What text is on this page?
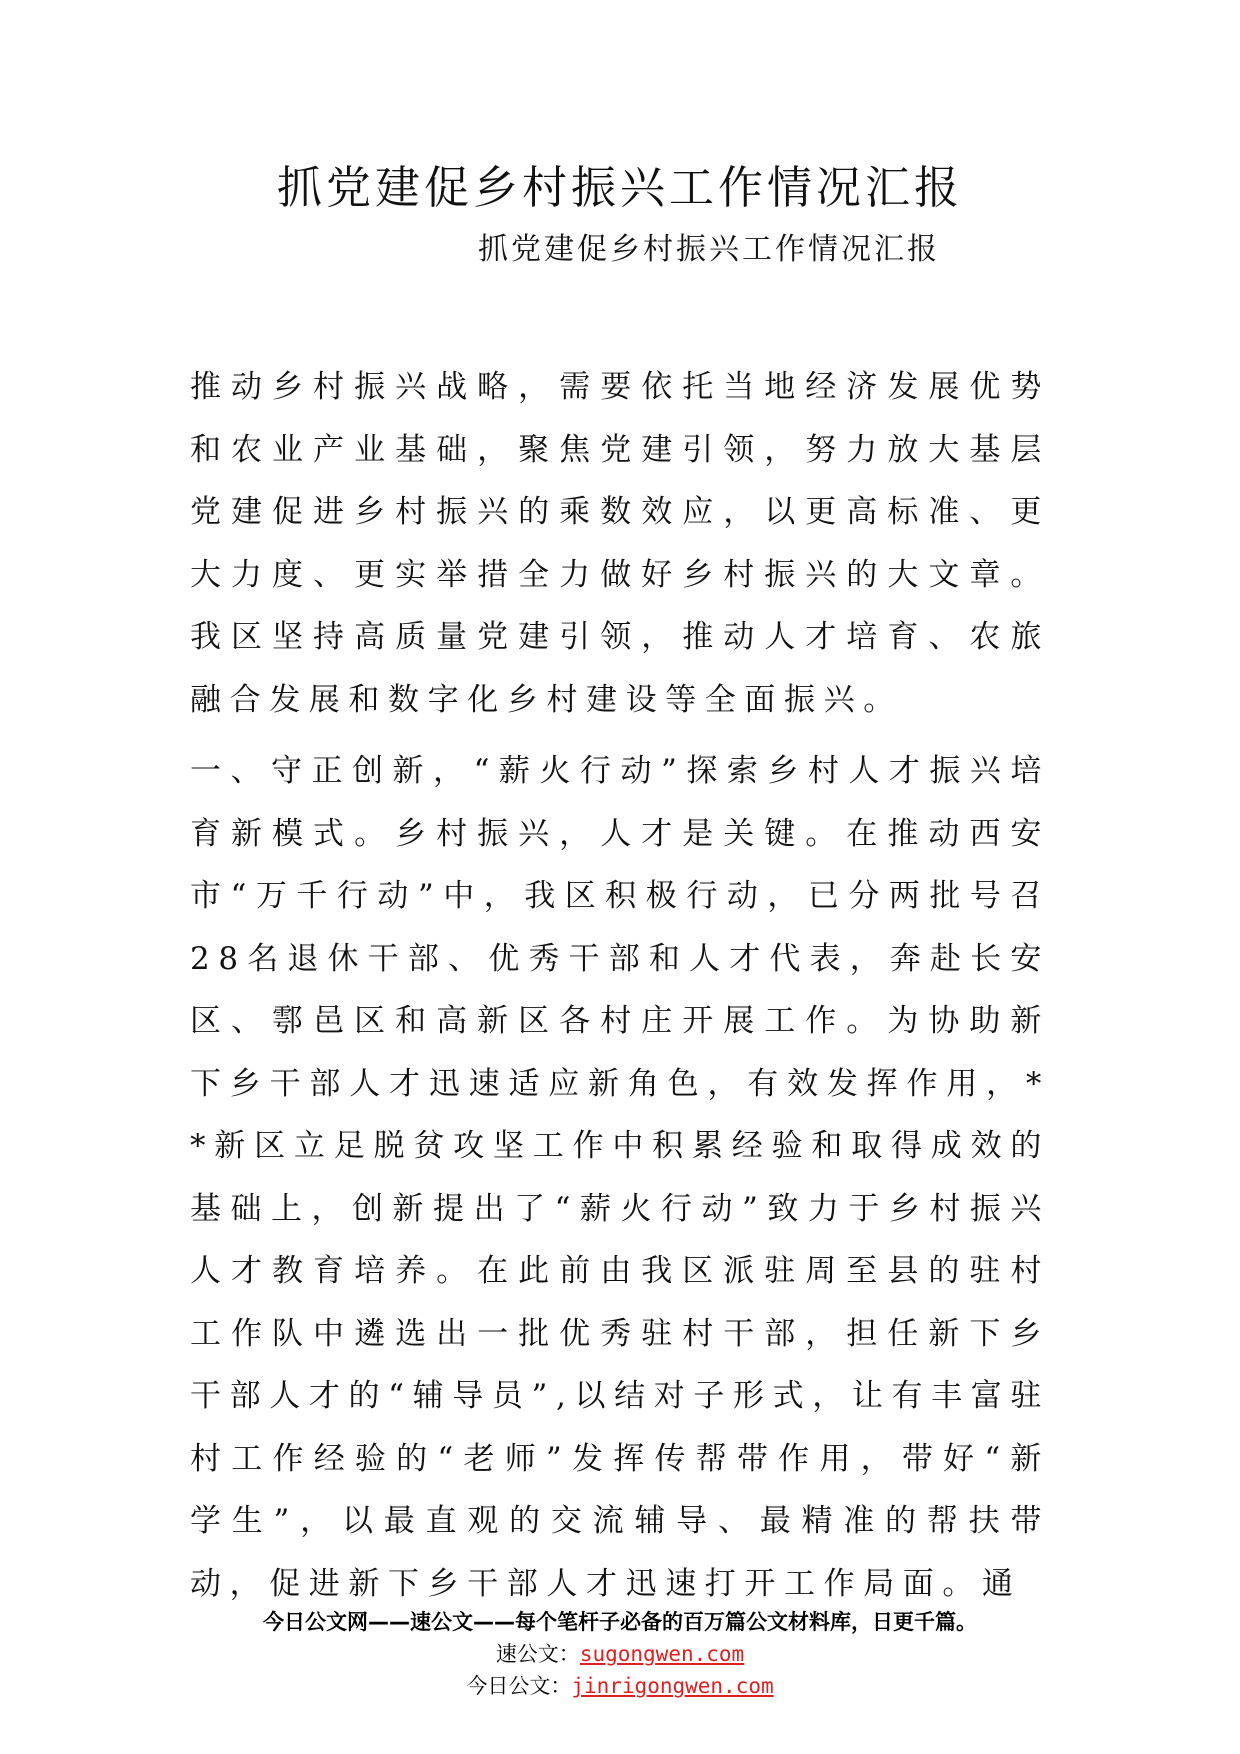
抓党建促乡村振兴工作情况汇报
抓党建促乡村振兴工作情况汇报

推动乡村振兴战略，需要依托当地经济发展优势和农业产业基础，聚焦党建引领，努力放大基层党建促进乡村振兴的乘数效应，以更高标准、更大力度、更实举措全力做好乡村振兴的大文章。我区坚持高质量党建引领，推动人才培育、农旅融合发展和数字化乡村建设等全面振兴。

一、守正创新，“薪火行动”探索乡村人才振兴培育新模式。乡村振兴，人才是关键。在推动西安市“万千行动”中，我区积极行动，已分两批号召28名退休干部、优秀干部和人才代表，奔赴长安区、鄠邑区和高新区各村庄开展工作。为协助新下乡干部人才迅速适应新角色，有效发挥作用，**新区立足脱贫攻坚工作中积累经验和取得成效的基础上，创新提出了“薪火行动”致力于乡村振兴人才教育培养。在此前由我区派驻周至县的驻村工作队中遴选出一批优秀驻村干部，担任新下乡干部人才的“辅导员”,以结对子形式，让有丰富驻村工作经验的“老师”发挥传帮带作用，带好“新学生”，以最直观的交流辅导、最精准的帮扶带动，促进新下乡干部人才迅速打开工作局面。通

今日公文网——速公文——每个笔杆子必备的百万篇公文材料库，日更千篇。
速公文：sugongwen.com
今日公文：jinrigongwen.com
